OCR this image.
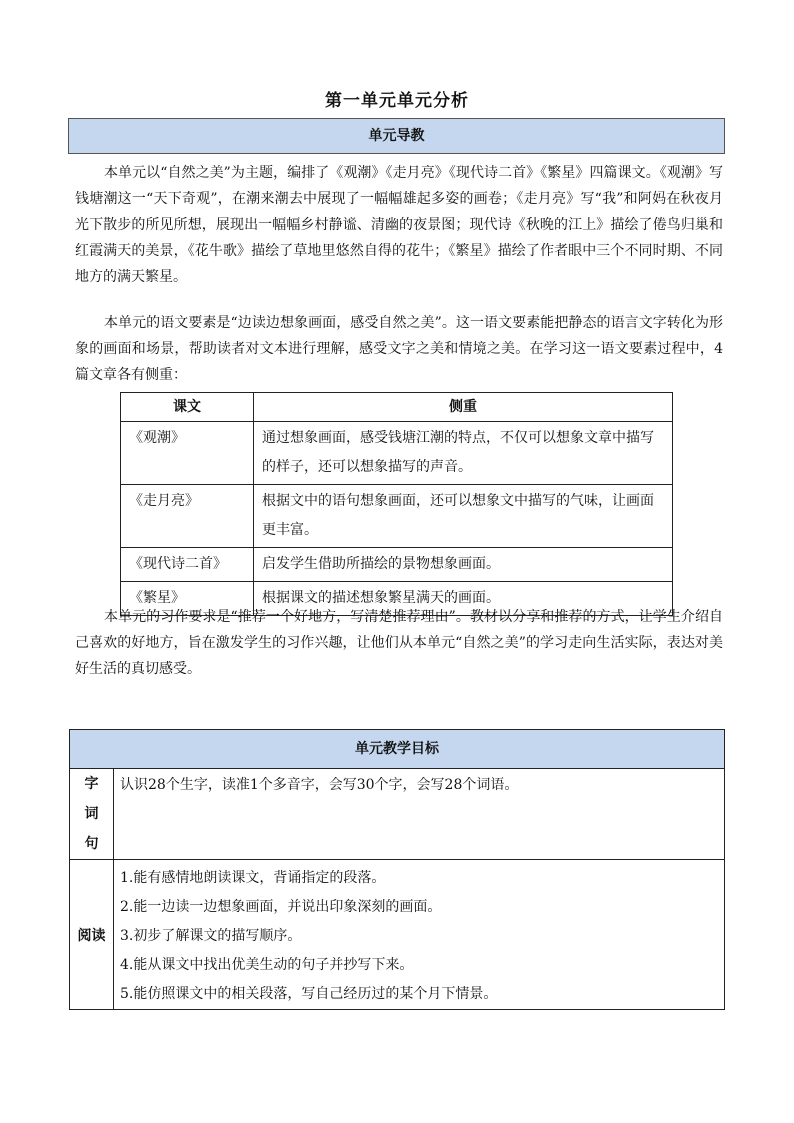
第一单元单元分析
单元导教

本单元以“自然之美”为主题，编排了《观潮》《走月亮》《现代诗二首》《繁星》四篇课文。《观潮》写钱塘潮这一“天下奇观”，在潮来潮去中展现了一幅幅雄起多姿的画卷；《走月亮》写“我”和阿妈在秋夜月光下散步的所见所想，展现出一幅幅乡村静谧、清幽的夜景图；现代诗《秋晚的江上》描绘了倦鸟归巢和红霞满天的美景，《花牛歌》描绘了草地里悠然自得的花牛；《繁星》描绘了作者眼中三个不同时期、不同地方的满天繁星。

本单元的语文要素是“边读边想象画面，感受自然之美”。这一语文要素能把静态的语言文字转化为形象的画面和场景，帮助读者对文本进行理解，感受文字之美和情境之美。在学习这一语文要素过程中，4篇文章各有侧重：

课文	侧重
《观潮》	通过想象画面，感受钱塘江潮的特点，不仅可以想象文章中描写的样子，还可以想象描写的声音。
《走月亮》	根据文中的语句想象画面，还可以想象文中描写的气味，让画面更丰富。
《现代诗二首》	启发学生借助所描绘的景物想象画面。
《繁星》	根据课文的描述想象繁星满天的画面。

本单元的习作要求是“推荐一个好地方，写清楚推荐理由”。教材以分享和推荐的方式，让学生介绍自己喜欢的好地方，旨在激发学生的习作兴趣，让他们从本单元“自然之美”的学习走向生活实际，表达对美好生活的真切感受。

单元教学目标	

字词句	认识28个生字，读准1个多音字，会写30个字，会写28个词语。

阅读	1.能有感情地朗读课文，背诵指定的段落。
2.能一边读一边想象画面，并说出印象深刻的画面。
3.初步了解课文的描写顺序。
4.能从课文中找出优美生动的句子并抄写下来。
5.能仿照课文中的相关段落，写自己经历过的某个月下情景。
